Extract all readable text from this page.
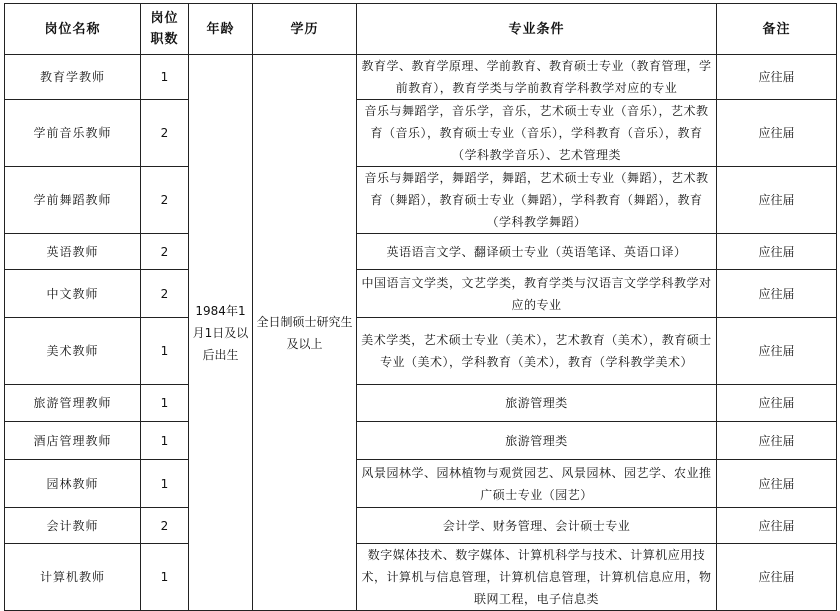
岗位名称	岗位职数	年龄	学历	专业条件	备注
教育学教师	1	1984年1月1日及以后出生	全日制硕士研究生及以上	教育学、教育学原理、学前教育、教育硕士专业（教育管理，学前教育），教育学类与学前教育学科教学对应的专业	应往届
学前音乐教师	2			音乐与舞蹈学，音乐学，音乐，艺术硕士专业（音乐），艺术教育（音乐），教育硕士专业（音乐），学科教育（音乐），教育（学科教学音乐）、艺术管理类	应往届
学前舞蹈教师	2			音乐与舞蹈学，舞蹈学，舞蹈，艺术硕士专业（舞蹈），艺术教育（舞蹈），教育硕士专业（舞蹈），学科教育（舞蹈），教育（学科教学舞蹈）	应往届
英语教师	2			英语语言文学、翻译硕士专业（英语笔译、英语口译）	应往届
中文教师	2			中国语言文学类，文艺学类，教育学类与汉语言文学学科教学对应的专业	应往届
美术教师	1			美术学类，艺术硕士专业（美术），艺术教育（美术），教育硕士专业（美术），学科教育（美术），教育（学科教学美术）	应往届
旅游管理教师	1			旅游管理类	应往届
酒店管理教师	1			旅游管理类	应往届
园林教师	1			风景园林学、园林植物与观赏园艺、风景园林、园艺学、农业推广硕士专业（园艺）	应往届
会计教师	2			会计学、财务管理、会计硕士专业	应往届
计算机教师	1			数字媒体技术、数字媒体、计算机科学与技术、计算机应用技术，计算机与信息管理，计算机信息管理，计算机信息应用，物联网工程，电子信息类	应往届
